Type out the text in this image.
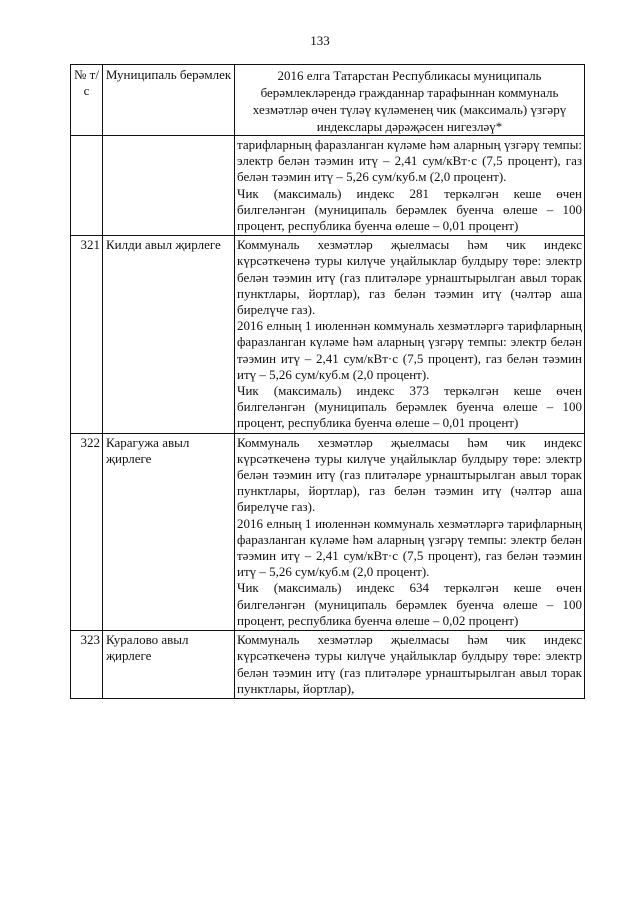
133
№ т/с	Муниципаль берәмлек	2016 елга Татарстан Республикасы муниципаль берәмлекләрендә гражданнар тарафыннан коммуналь хезмәтләр өчен түләү күләменең чик (максималь) үзгәрү индекслары дәрәҗәсен нигезләү*

		тарифларның фаразланган күләме һәм аларның үзгәрү темпы: электр белән тәэмин итү – 2,41 сум/кВт·с (7,5 процент), газ белән тәэмин итү – 5,26 сум/куб.м (2,0 процент).
Чик (максималь) индекс 281 теркәлгән кеше өчен билгеләнгән (муниципаль берәмлек буенча өлеше – 100 процент, республика буенча өлеше – 0,01 процент)

321	Килди авыл җирлеге	Коммуналь хезмәтләр җыелмасы һәм чик индекс күрсәткеченә туры килүче уңайлыклар булдыру төре: электр белән тәэмин итү (газ плитәләре урнаштырылган авыл торак пунктлары, йортлар), газ белән тәэмин итү (чәлтәр аша бирелүче газ).
2016 елның 1 июленнән коммуналь хезмәтләргә тарифларның фаразланган күләме һәм аларның үзгәрү темпы: электр белән тәэмин итү – 2,41 сум/кВт·с (7,5 процент), газ белән тәэмин итү – 5,26 сум/куб.м (2,0 процент).
Чик (максималь) индекс 373 теркәлгән кеше өчен билгеләнгән (муниципаль берәмлек буенча өлеше – 100 процент, республика буенча өлеше – 0,01 процент)

322	Карагужа авыл җирлеге	Коммуналь хезмәтләр җыелмасы һәм чик индекс күрсәткеченә туры килүче уңайлыклар булдыру төре: электр белән тәэмин итү (газ плитәләре урнаштырылган авыл торак пунктлары, йортлар), газ белән тәэмин итү (чәлтәр аша бирелүче газ).
2016 елның 1 июленнән коммуналь хезмәтләргә тарифларның фаразланган күләме һәм аларның үзгәрү темпы: электр белән тәэмин итү – 2,41 сум/кВт·с (7,5 процент), газ белән тәэмин итү – 5,26 сум/куб.м (2,0 процент).
Чик (максималь) индекс 634 теркәлгән кеше өчен билгеләнгән (муниципаль берәмлек буенча өлеше – 100 процент, республика буенча өлеше – 0,02 процент)

323	Куралово авыл җирлеге	Коммуналь хезмәтләр җыелмасы һәм чик индекс күрсәткеченә туры килүче уңайлыклар булдыру төре: электр белән тәэмин итү (газ плитәләре урнаштырылган авыл торак пунктлары, йортлар),
